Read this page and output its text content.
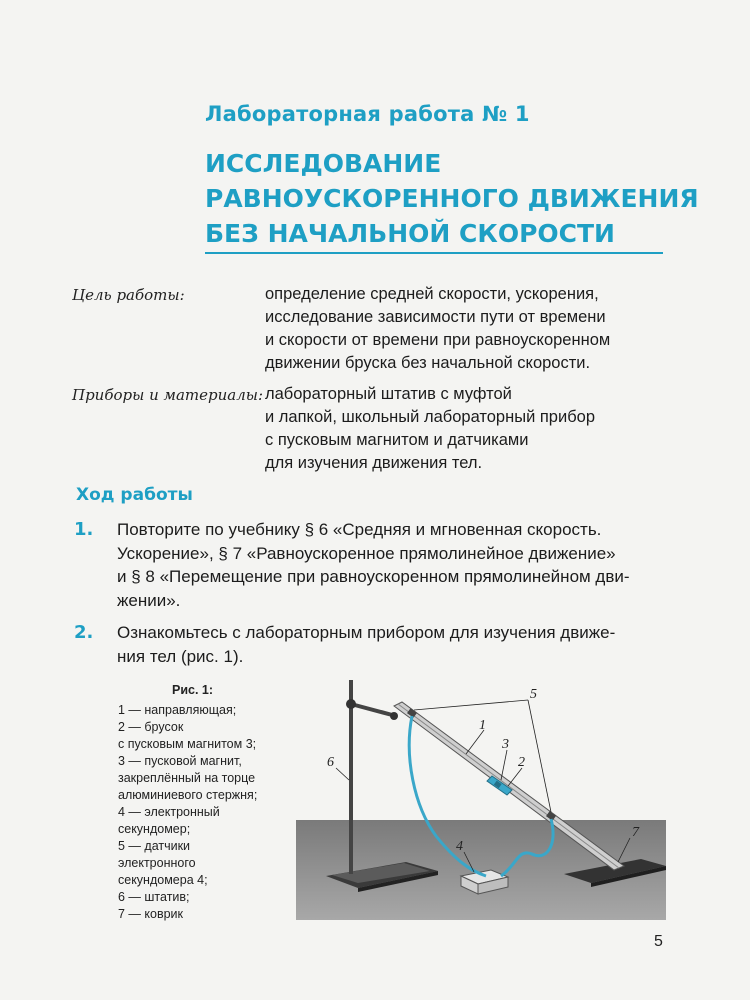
Лабораторная работа № 1
ИССЛЕДОВАНИЕ
РАВНОУСКОРЕННОГО ДВИЖЕНИЯ
БЕЗ НАЧАЛЬНОЙ СКОРОСТИ
Цель работы:	определение средней скорости, ускорения,
исследование зависимости пути от времени
и скорости от времени при равноускоренном
движении бруска без начальной скорости.
Приборы и материалы: лабораторный штатив с муфтой
и лапкой, школьный лабораторный прибор
с пусковым магнитом и датчиками
для изучения движения тел.
Ход работы
1. Повторите по учебнику § 6 «Средняя и мгновенная скорость.
Ускорение», § 7 «Равноускоренное прямолинейное движение»
и § 8 «Перемещение при равноускоренном прямолинейном дви-
жении».
2. Ознакомьтесь с лабораторным прибором для изучения движе-
ния тел (рис. 1).
Рис. 1:
1 — направляющая;
2 — брусок
с пусковым магнитом 3;
3 — пусковой магнит,
закреплённый на торце
алюминиевого стержня;
4 — электронный
секундомер;
5 — датчики
электронного
секундомера 4;
6 — штатив;
7 — коврик
1
5
3
2
6
4
7
5
